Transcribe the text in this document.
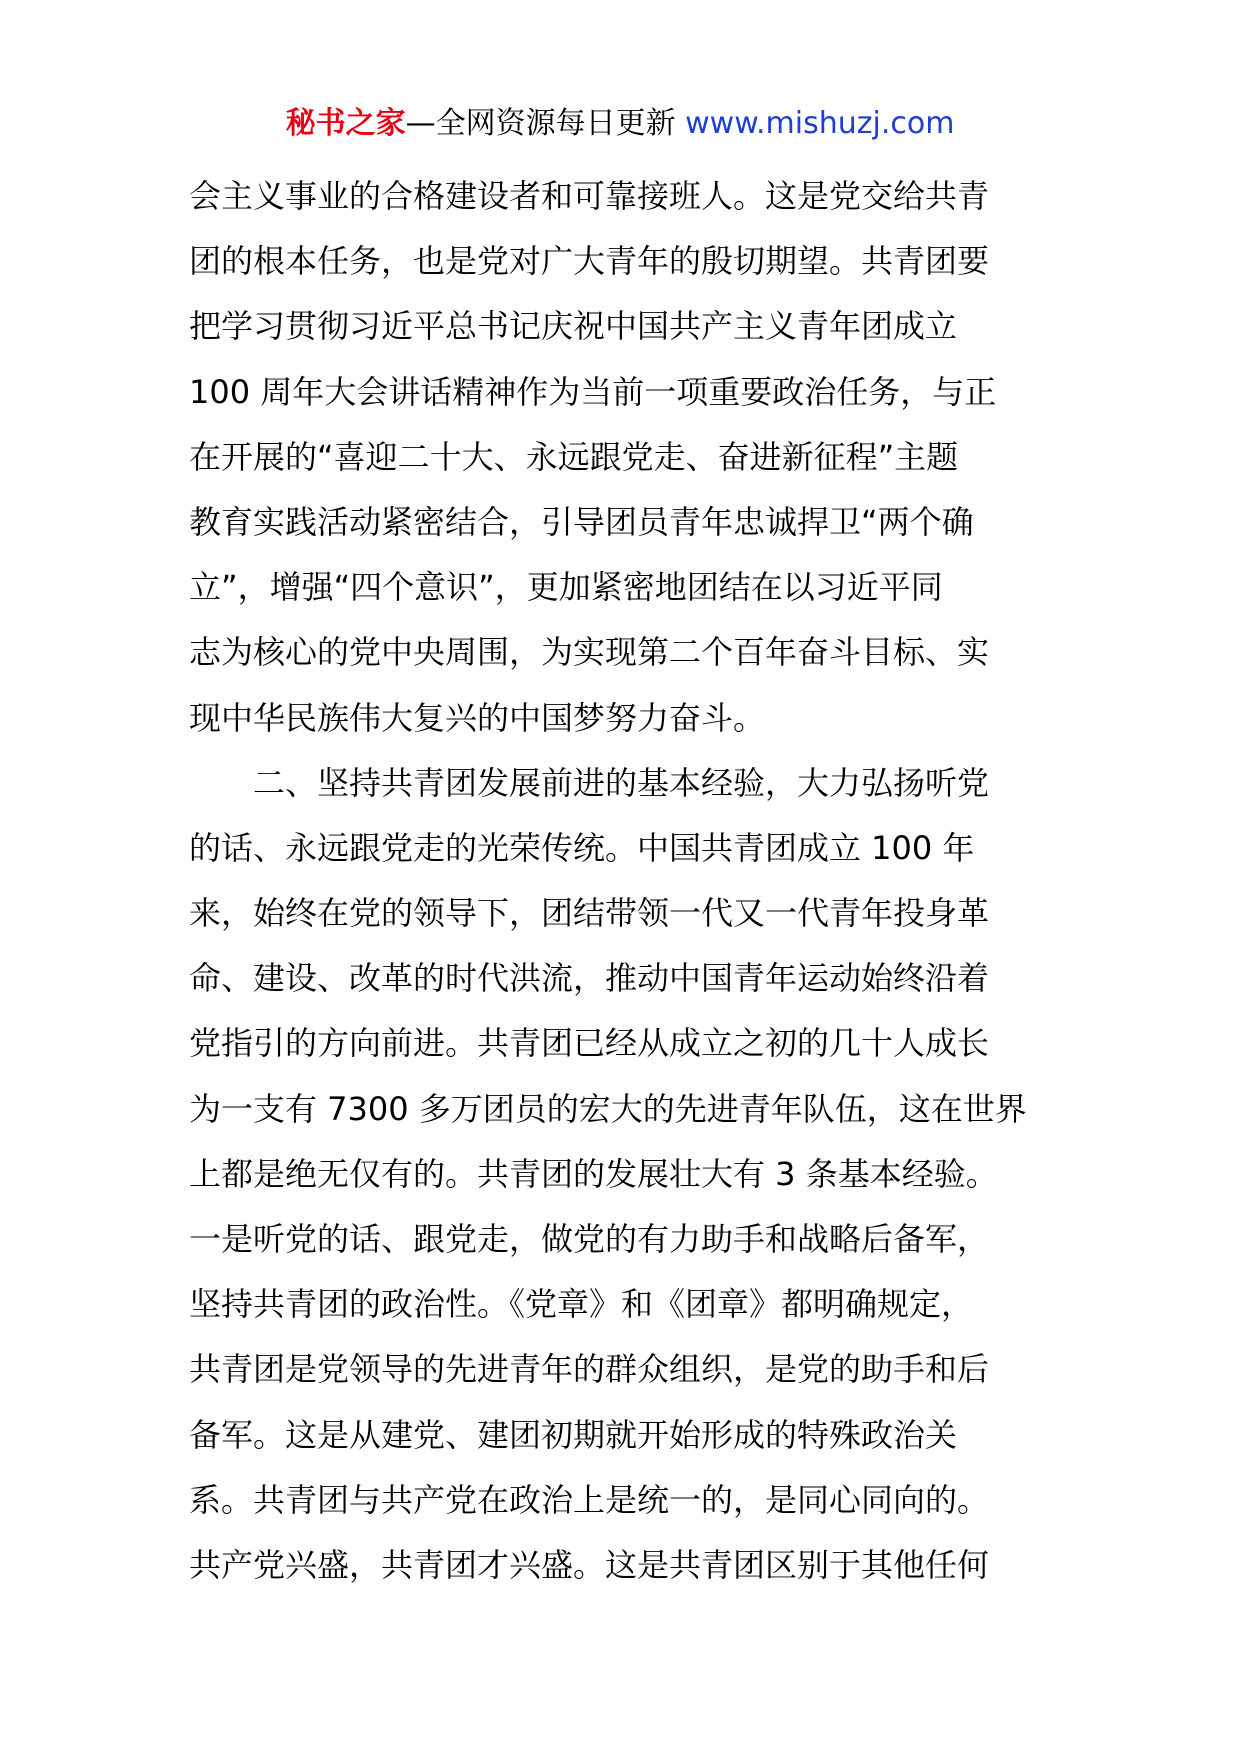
秘书之家—全网资源每日更新 www.mishuzj.com
会主义事业的合格建设者和可靠接班人。这是党交给共青
团的根本任务，也是党对广大青年的殷切期望。共青团要
把学习贯彻习近平总书记庆祝中国共产主义青年团成立
100 周年大会讲话精神作为当前一项重要政治任务，与正
在开展的“喜迎二十大、永远跟党走、奋进新征程”主题
教育实践活动紧密结合，引导团员青年忠诚捍卫“两个确
立”，增强“四个意识”，更加紧密地团结在以习近平同
志为核心的党中央周围，为实现第二个百年奋斗目标、实
现中华民族伟大复兴的中国梦努力奋斗。
二、坚持共青团发展前进的基本经验，大力弘扬听党
的话、永远跟党走的光荣传统。中国共青团成立 100 年
来，始终在党的领导下，团结带领一代又一代青年投身革
命、建设、改革的时代洪流，推动中国青年运动始终沿着
党指引的方向前进。共青团已经从成立之初的几十人成长
为一支有 7300 多万团员的宏大的先进青年队伍，这在世界
上都是绝无仅有的。共青团的发展壮大有 3 条基本经验。
一是听党的话、跟党走，做党的有力助手和战略后备军，
坚持共青团的政治性。《党章》和《团章》都明确规定，
共青团是党领导的先进青年的群众组织，是党的助手和后
备军。这是从建党、建团初期就开始形成的特殊政治关
系。共青团与共产党在政治上是统一的，是同心同向的。
共产党兴盛，共青团才兴盛。这是共青团区别于其他任何
